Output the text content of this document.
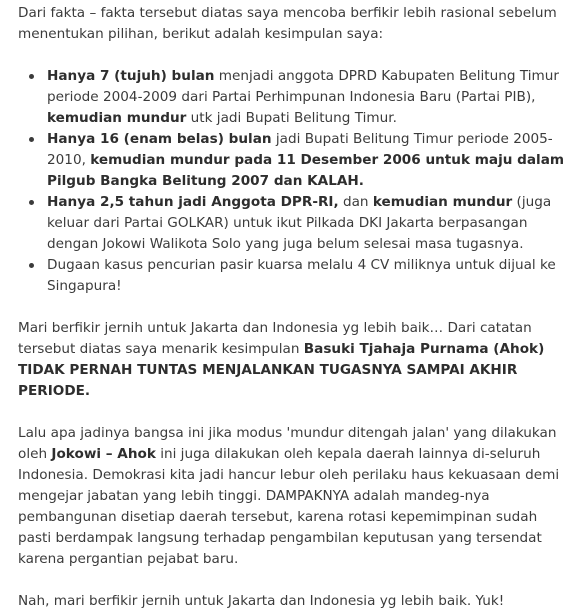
Dari fakta – fakta tersebut diatas saya mencoba berfikir lebih rasional sebelum menentukan pilihan, berikut adalah kesimpulan saya:

Hanya 7 (tujuh) bulan menjadi anggota DPRD Kabupaten Belitung Timur periode 2004-2009 dari Partai Perhimpunan Indonesia Baru (Partai PIB), kemudian mundur utk jadi Bupati Belitung Timur.
Hanya 16 (enam belas) bulan jadi Bupati Belitung Timur periode 2005-2010, kemudian mundur pada 11 Desember 2006 untuk maju dalam Pilgub Bangka Belitung 2007 dan KALAH.
Hanya 2,5 tahun jadi Anggota DPR-RI, dan kemudian mundur (juga keluar dari Partai GOLKAR) untuk ikut Pilkada DKI Jakarta berpasangan dengan Jokowi Walikota Solo yang juga belum selesai masa tugasnya.
Dugaan kasus pencurian pasir kuarsa melalu 4 CV miliknya untuk dijual ke Singapura!

Mari berfikir jernih untuk Jakarta dan Indonesia yg lebih baik… Dari catatan tersebut diatas saya menarik kesimpulan Basuki Tjahaja Purnama (Ahok) TIDAK PERNAH TUNTAS MENJALANKAN TUGASNYA SAMPAI AKHIR PERIODE.

Lalu apa jadinya bangsa ini jika modus 'mundur ditengah jalan' yang dilakukan oleh Jokowi – Ahok ini juga dilakukan oleh kepala daerah lainnya di-seluruh Indonesia. Demokrasi kita jadi hancur lebur oleh perilaku haus kekuasaan demi mengejar jabatan yang lebih tinggi. DAMPAKNYA adalah mandeg-nya pembangunan disetiap daerah tersebut, karena rotasi kepemimpinan sudah pasti berdampak langsung terhadap pengambilan keputusan yang tersendat karena pergantian pejabat baru.

Nah, mari berfikir jernih untuk Jakarta dan Indonesia yg lebih baik. Yuk!
